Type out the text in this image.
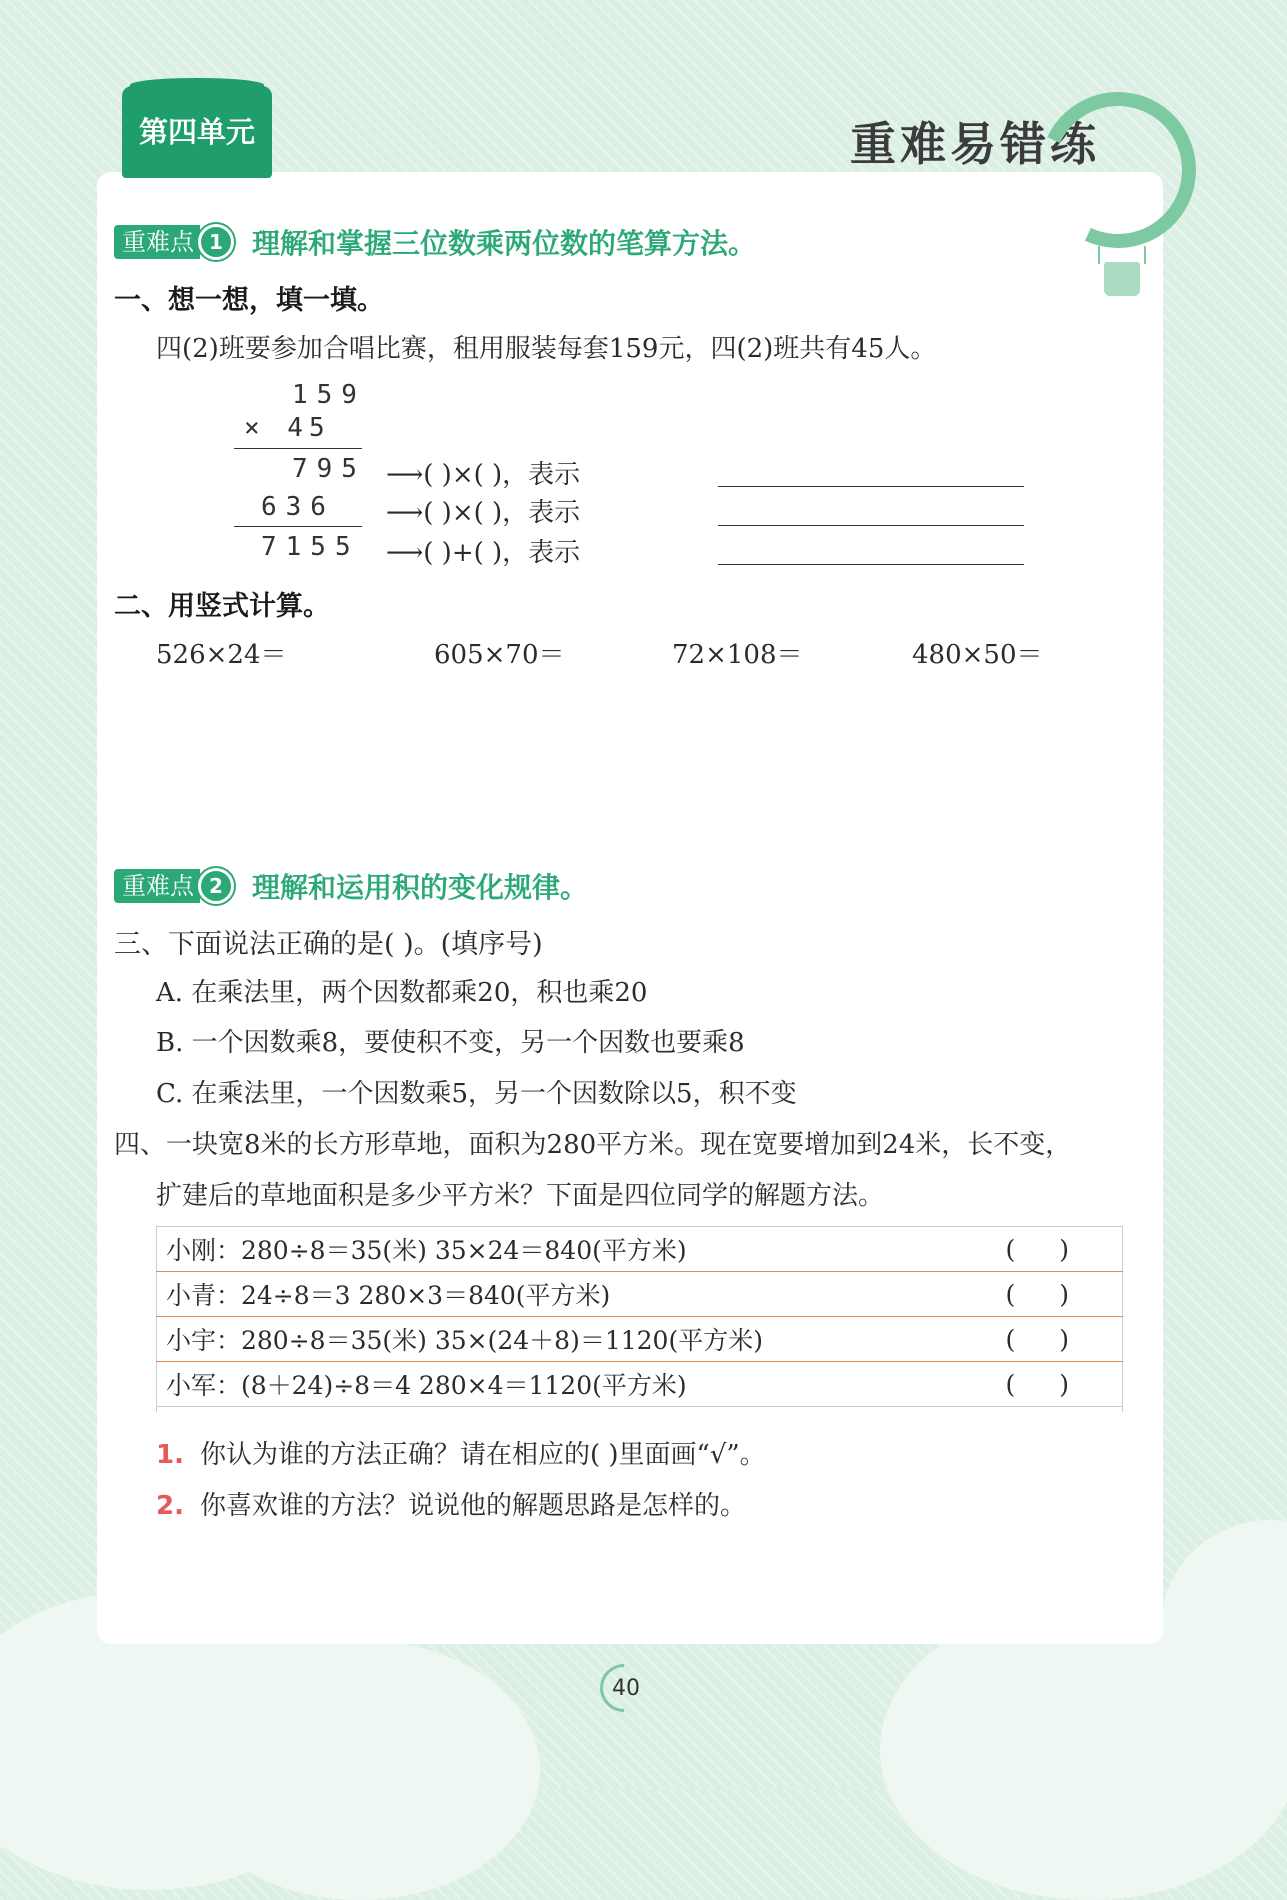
第四单元	重难易错练
重难点 1	理解和掌握三位数乘两位数的笔算方法。
一、想一想，填一填。
四(2)班要参加合唱比赛，租用服装每套159元，四(2)班共有45人。
159
× 45
795 ⟶( )×( )，表示
636 ⟶( )×( )，表示
7155 ⟶( )+( )，表示
二、用竖式计算。
526×24＝	605×70＝	72×108＝	480×50＝
重难点 2	理解和运用积的变化规律。
三、下面说法正确的是( )。(填序号)
A. 在乘法里，两个因数都乘20，积也乘20
B. 一个因数乘8，要使积不变，另一个因数也要乘8
C. 在乘法里，一个因数乘5，另一个因数除以5，积不变
四、一块宽8米的长方形草地，面积为280平方米。现在宽要增加到24米，长不变，
扩建后的草地面积是多少平方米？下面是四位同学的解题方法。
小刚：280÷8＝35(米) 35×24＝840(平方米)	()
小青：24÷8＝3 280×3＝840(平方米)	()
小宇：280÷8＝35(米) 35×(24＋8)＝1120(平方米)	()
小军：(8＋24)÷8＝4 280×4＝1120(平方米)	()
1. 你认为谁的方法正确？请在相应的( )里面画“√”。
2. 你喜欢谁的方法？说说他的解题思路是怎样的。
40
